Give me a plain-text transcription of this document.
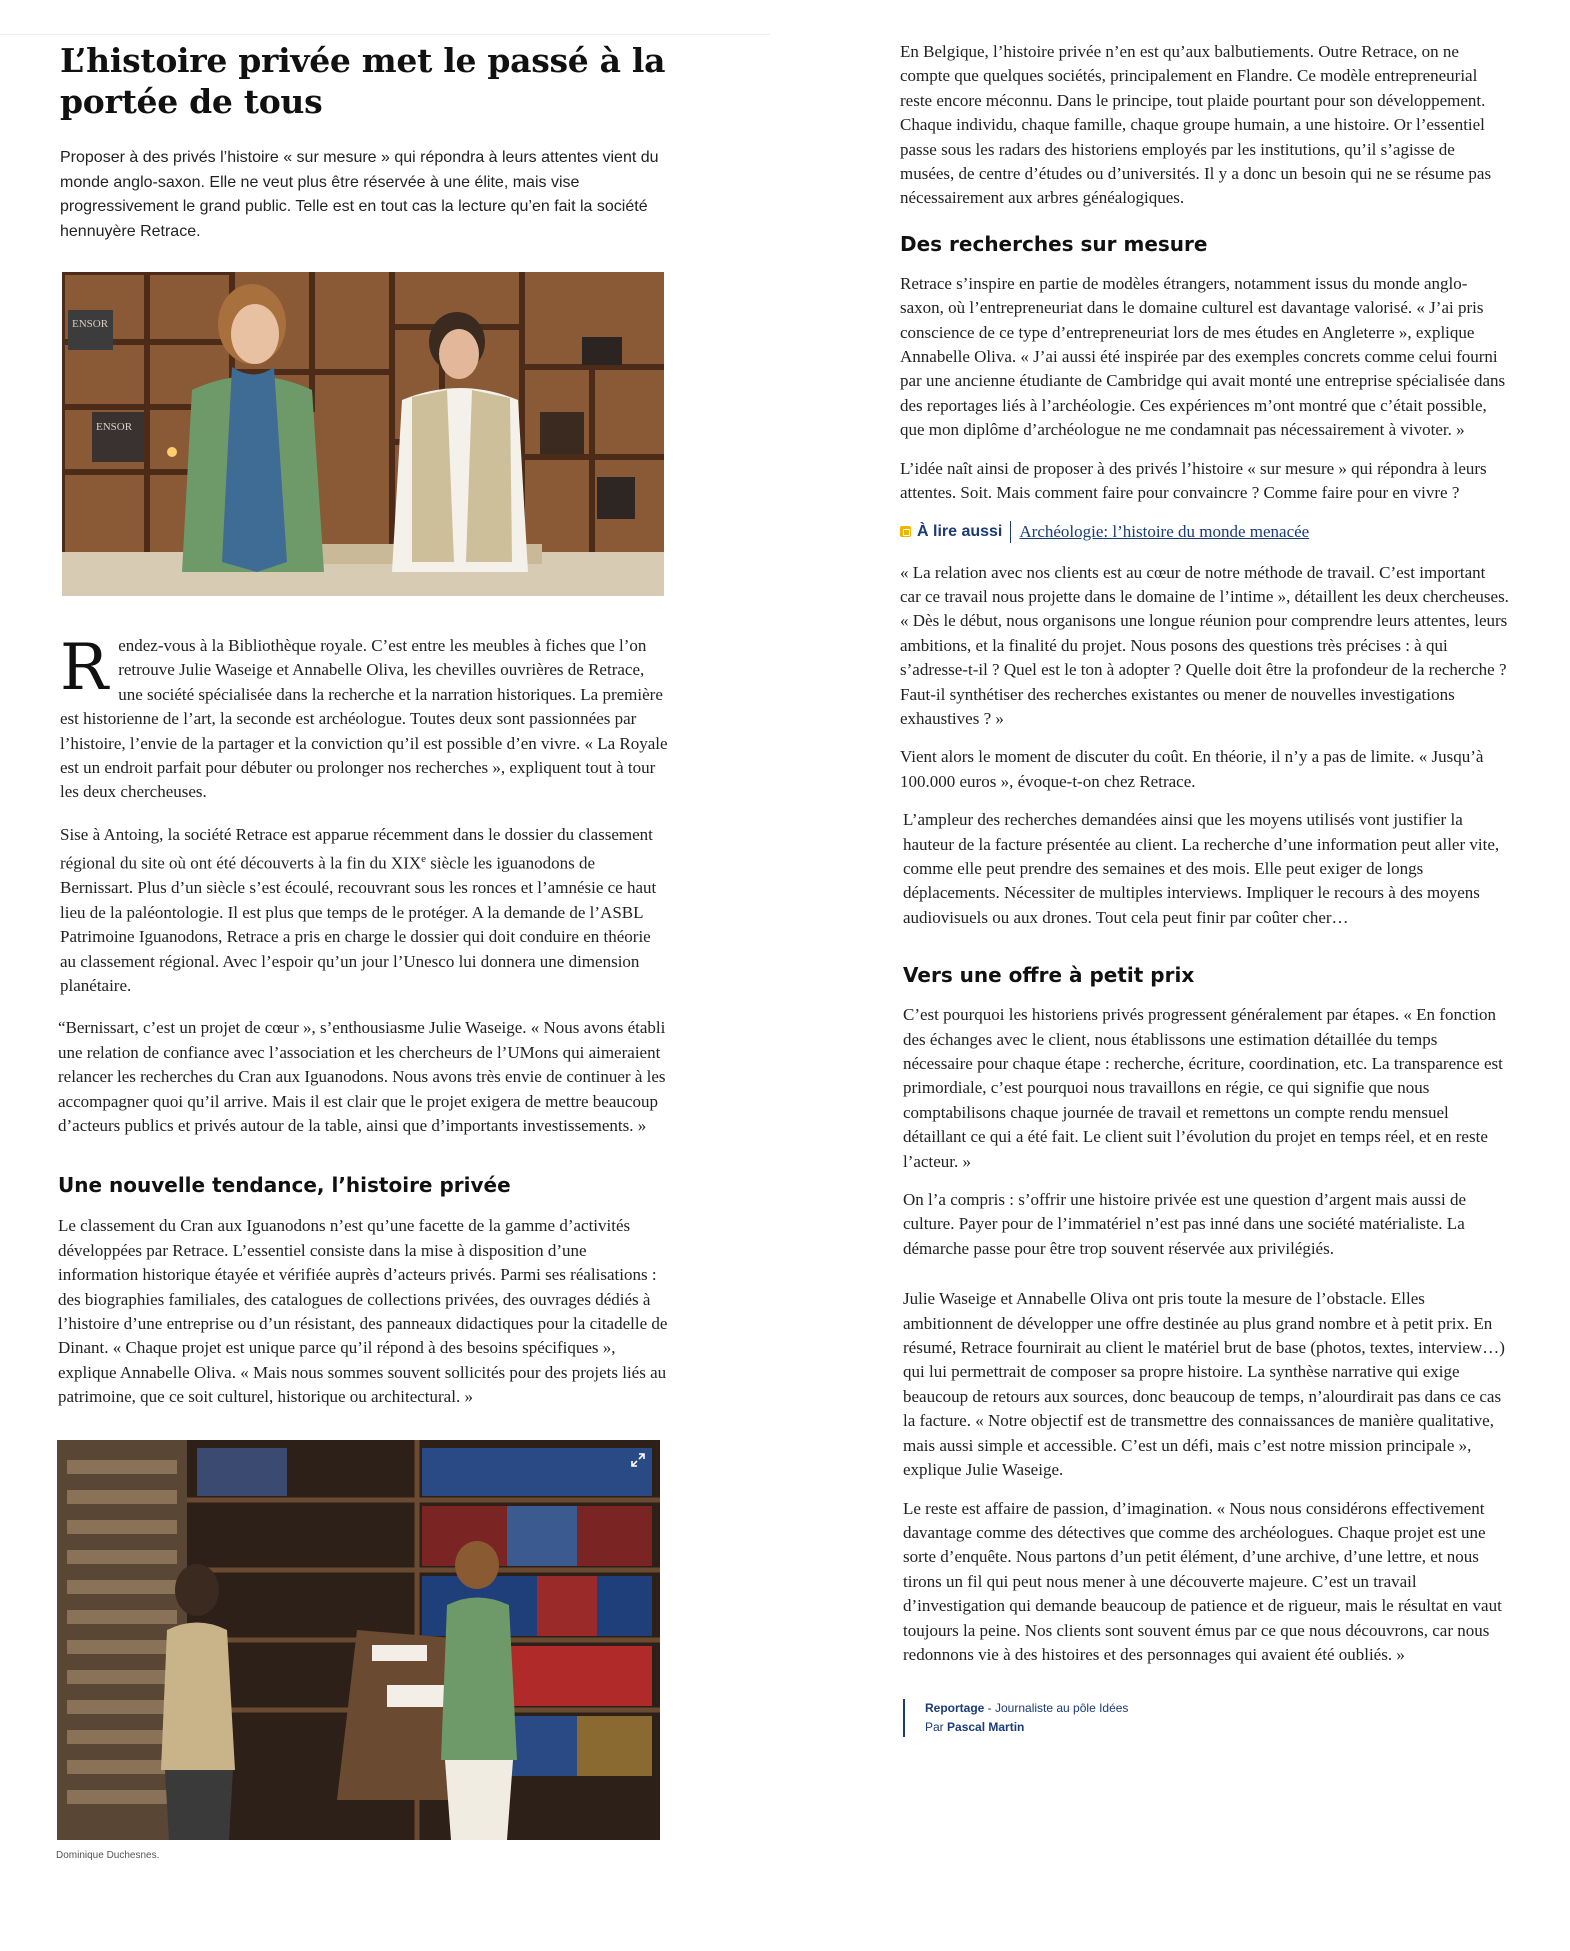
L’histoire privée met le passé à la portée de tous

Proposer à des privés l’histoire « sur mesure » qui répondra à leurs attentes vient du monde anglo-saxon. Elle ne veut plus être réservée à une élite, mais vise progressivement le grand public. Telle est en tout cas la lecture qu’en fait la société hennuyère Retrace.

ENSOR
ENSOR
R endez-vous à la Bibliothèque royale. C’est entre les meubles à fiches que l’on retrouve Julie Waseige et Annabelle Oliva, les chevilles ouvrières de Retrace, une société spécialisée dans la recherche et la narration historiques. La première est historienne de l’art, la seconde est archéologue. Toutes deux sont passionnées par l’histoire, l’envie de la partager et la conviction qu’il est possible d’en vivre. « La Royale est un endroit parfait pour débuter ou prolonger nos recherches », expliquent tout à tour les deux chercheuses.

Sise à Antoing, la société Retrace est apparue récemment dans le dossier du classement régional du site où ont été découverts à la fin du XIXe siècle les iguanodons de Bernissart. Plus d’un siècle s’est écoulé, recouvrant sous les ronces et l’amnésie ce haut lieu de la paléontologie. Il est plus que temps de le protéger. A la demande de l’ASBL Patrimoine Iguanodons, Retrace a pris en charge le dossier qui doit conduire en théorie au classement régional. Avec l’espoir qu’un jour l’Unesco lui donnera une dimension planétaire.

“Bernissart, c’est un projet de cœur », s’enthousiasme Julie Waseige. « Nous avons établi une relation de confiance avec l’association et les chercheurs de l’UMons qui aimeraient relancer les recherches du Cran aux Iguanodons. Nous avons très envie de continuer à les accompagner quoi qu’il arrive. Mais il est clair que le projet exigera de mettre beaucoup d’acteurs publics et privés autour de la table, ainsi que d’importants investissements. »

Une nouvelle tendance, l’histoire privée

Le classement du Cran aux Iguanodons n’est qu’une facette de la gamme d’activités développées par Retrace. L’essentiel consiste dans la mise à disposition d’une information historique étayée et vérifiée auprès d’acteurs privés. Parmi ses réalisations : des biographies familiales, des catalogues de collections privées, des ouvrages dédiés à l’histoire d’une entreprise ou d’un résistant, des panneaux didactiques pour la citadelle de Dinant. « Chaque projet est unique parce qu’il répond à des besoins spécifiques », explique Annabelle Oliva. « Mais nous sommes souvent sollicités pour des projets liés au patrimoine, que ce soit culturel, historique ou architectural. »

Dominique Duchesnes.

En Belgique, l’histoire privée n’en est qu’aux balbutiements. Outre Retrace, on ne compte que quelques sociétés, principalement en Flandre. Ce modèle entrepreneurial reste encore méconnu. Dans le principe, tout plaide pourtant pour son développement. Chaque individu, chaque famille, chaque groupe humain, a une histoire. Or l’essentiel passe sous les radars des historiens employés par les institutions, qu’il s’agisse de musées, de centre d’études ou d’universités. Il y a donc un besoin qui ne se résume pas nécessairement aux arbres généalogiques.

Des recherches sur mesure

Retrace s’inspire en partie de modèles étrangers, notamment issus du monde anglo-saxon, où l’entrepreneuriat dans le domaine culturel est davantage valorisé. « J’ai pris conscience de ce type d’entrepreneuriat lors de mes études en Angleterre », explique Annabelle Oliva. « J’ai aussi été inspirée par des exemples concrets comme celui fourni par une ancienne étudiante de Cambridge qui avait monté une entreprise spécialisée dans des reportages liés à l’archéologie. Ces expériences m’ont montré que c’était possible, que mon diplôme d’archéologue ne me condamnait pas nécessairement à vivoter. »

L’idée naît ainsi de proposer à des privés l’histoire « sur mesure » qui répondra à leurs attentes. Soit. Mais comment faire pour convaincre ? Comme faire pour en vivre ?

À lire aussi Archéologie: l’histoire du monde menacée

« La relation avec nos clients est au cœur de notre méthode de travail. C’est important car ce travail nous projette dans le domaine de l’intime », détaillent les deux chercheuses. « Dès le début, nous organisons une longue réunion pour comprendre leurs attentes, leurs ambitions, et la finalité du projet. Nous posons des questions très précises : à qui s’adresse-t-il ? Quel est le ton à adopter ? Quelle doit être la profondeur de la recherche ? Faut-il synthétiser des recherches existantes ou mener de nouvelles investigations exhaustives ? »

Vient alors le moment de discuter du coût. En théorie, il n’y a pas de limite. « Jusqu’à 100.000 euros », évoque-t-on chez Retrace.

L’ampleur des recherches demandées ainsi que les moyens utilisés vont justifier la hauteur de la facture présentée au client. La recherche d’une information peut aller vite, comme elle peut prendre des semaines et des mois. Elle peut exiger de longs déplacements. Nécessiter de multiples interviews. Impliquer le recours à des moyens audiovisuels ou aux drones. Tout cela peut finir par coûter cher…

Vers une offre à petit prix

C’est pourquoi les historiens privés progressent généralement par étapes. « En fonction des échanges avec le client, nous établissons une estimation détaillée du temps nécessaire pour chaque étape : recherche, écriture, coordination, etc. La transparence est primordiale, c’est pourquoi nous travaillons en régie, ce qui signifie que nous comptabilisons chaque journée de travail et remettons un compte rendu mensuel détaillant ce qui a été fait. Le client suit l’évolution du projet en temps réel, et en reste l’acteur. »

On l’a compris : s’offrir une histoire privée est une question d’argent mais aussi de culture. Payer pour de l’immatériel n’est pas inné dans une société matérialiste. La démarche passe pour être trop souvent réservée aux privilégiés.

Julie Waseige et Annabelle Oliva ont pris toute la mesure de l’obstacle. Elles ambitionnent de développer une offre destinée au plus grand nombre et à petit prix. En résumé, Retrace fournirait au client le matériel brut de base (photos, textes, interview…) qui lui permettrait de composer sa propre histoire. La synthèse narrative qui exige beaucoup de retours aux sources, donc beaucoup de temps, n’alourdirait pas dans ce cas la facture. « Notre objectif est de transmettre des connaissances de manière qualitative, mais aussi simple et accessible. C’est un défi, mais c’est notre mission principale », explique Julie Waseige.

Le reste est affaire de passion, d’imagination. « Nous nous considérons effectivement davantage comme des détectives que comme des archéologues. Chaque projet est une sorte d’enquête. Nous partons d’un petit élément, d’une archive, d’une lettre, et nous tirons un fil qui peut nous mener à une découverte majeure. C’est un travail d’investigation qui demande beaucoup de patience et de rigueur, mais le résultat en vaut toujours la peine. Nos clients sont souvent émus par ce que nous découvrons, car nous redonnons vie à des histoires et des personnages qui avaient été oubliés. »

Reportage - Journaliste au pôle Idées
Par Pascal Martin
